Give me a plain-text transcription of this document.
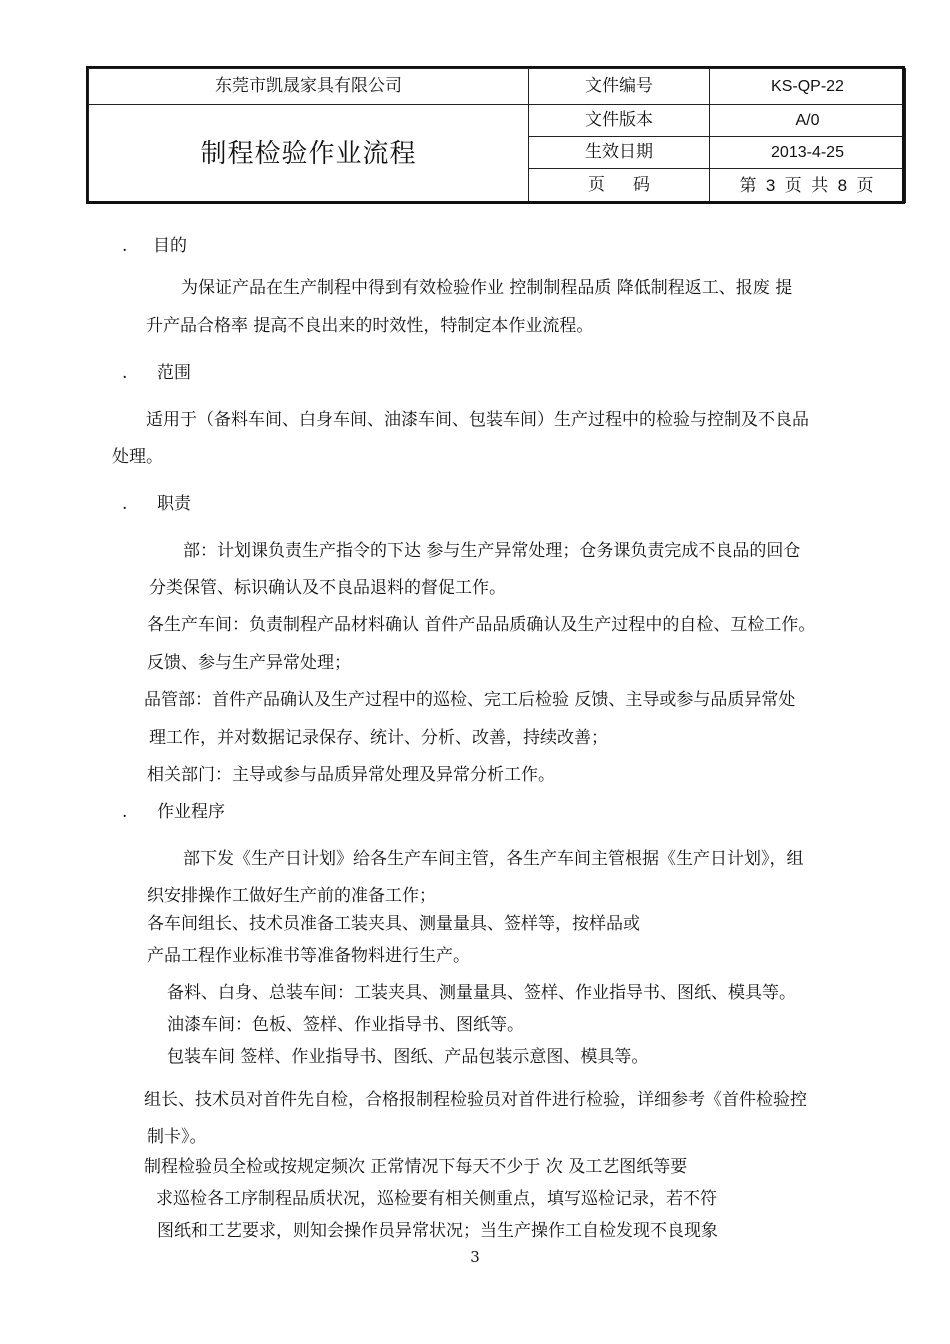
东莞市凯晟家具有限公司	文件编号	KS-QP-22
制程检验作业流程	文件版本	A/0
	生效日期	2013-4-25
	页码	第 3 页 共 8 页
. 目的
为保证产品在生产制程中得到有效检验作业 控制制程品质 降低制程返工、报废 提
升产品合格率 提高不良出来的时效性，特制定本作业流程。
. 范围
适用于（备料车间、白身车间、油漆车间、包装车间）生产过程中的检验与控制及不良品
处理。
. 职责
部：计划课负责生产指令的下达 参与生产异常处理；仓务课负责完成不良品的回仓
分类保管、标识确认及不良品退料的督促工作。
各生产车间：负责制程产品材料确认 首件产品品质确认及生产过程中的自检、互检工作。
反馈、参与生产异常处理；
品管部：首件产品确认及生产过程中的巡检、完工后检验 反馈、主导或参与品质异常处
理工作，并对数据记录保存、统计、分析、改善，持续改善；
相关部门：主导或参与品质异常处理及异常分析工作。
. 作业程序
部下发《生产日计划》给各生产车间主管，各生产车间主管根据《生产日计划》，组
织安排操作工做好生产前的准备工作；
各车间组长、技术员准备工装夹具、测量量具、签样等，按样品或
产品工程作业标准书等准备物料进行生产。
备料、白身、总装车间：工装夹具、测量量具、签样、作业指导书、图纸、模具等。
油漆车间：色板、签样、作业指导书、图纸等。
包装车间 签样、作业指导书、图纸、产品包装示意图、模具等。
组长、技术员对首件先自检，合格报制程检验员对首件进行检验，详细参考《首件检验控
制卡》。
制程检验员全检或按规定频次 正常情况下每天不少于 次 及工艺图纸等要
求巡检各工序制程品质状况，巡检要有相关侧重点，填写巡检记录，若不符
图纸和工艺要求，则知会操作员异常状况；当生产操作工自检发现不良现象
3
